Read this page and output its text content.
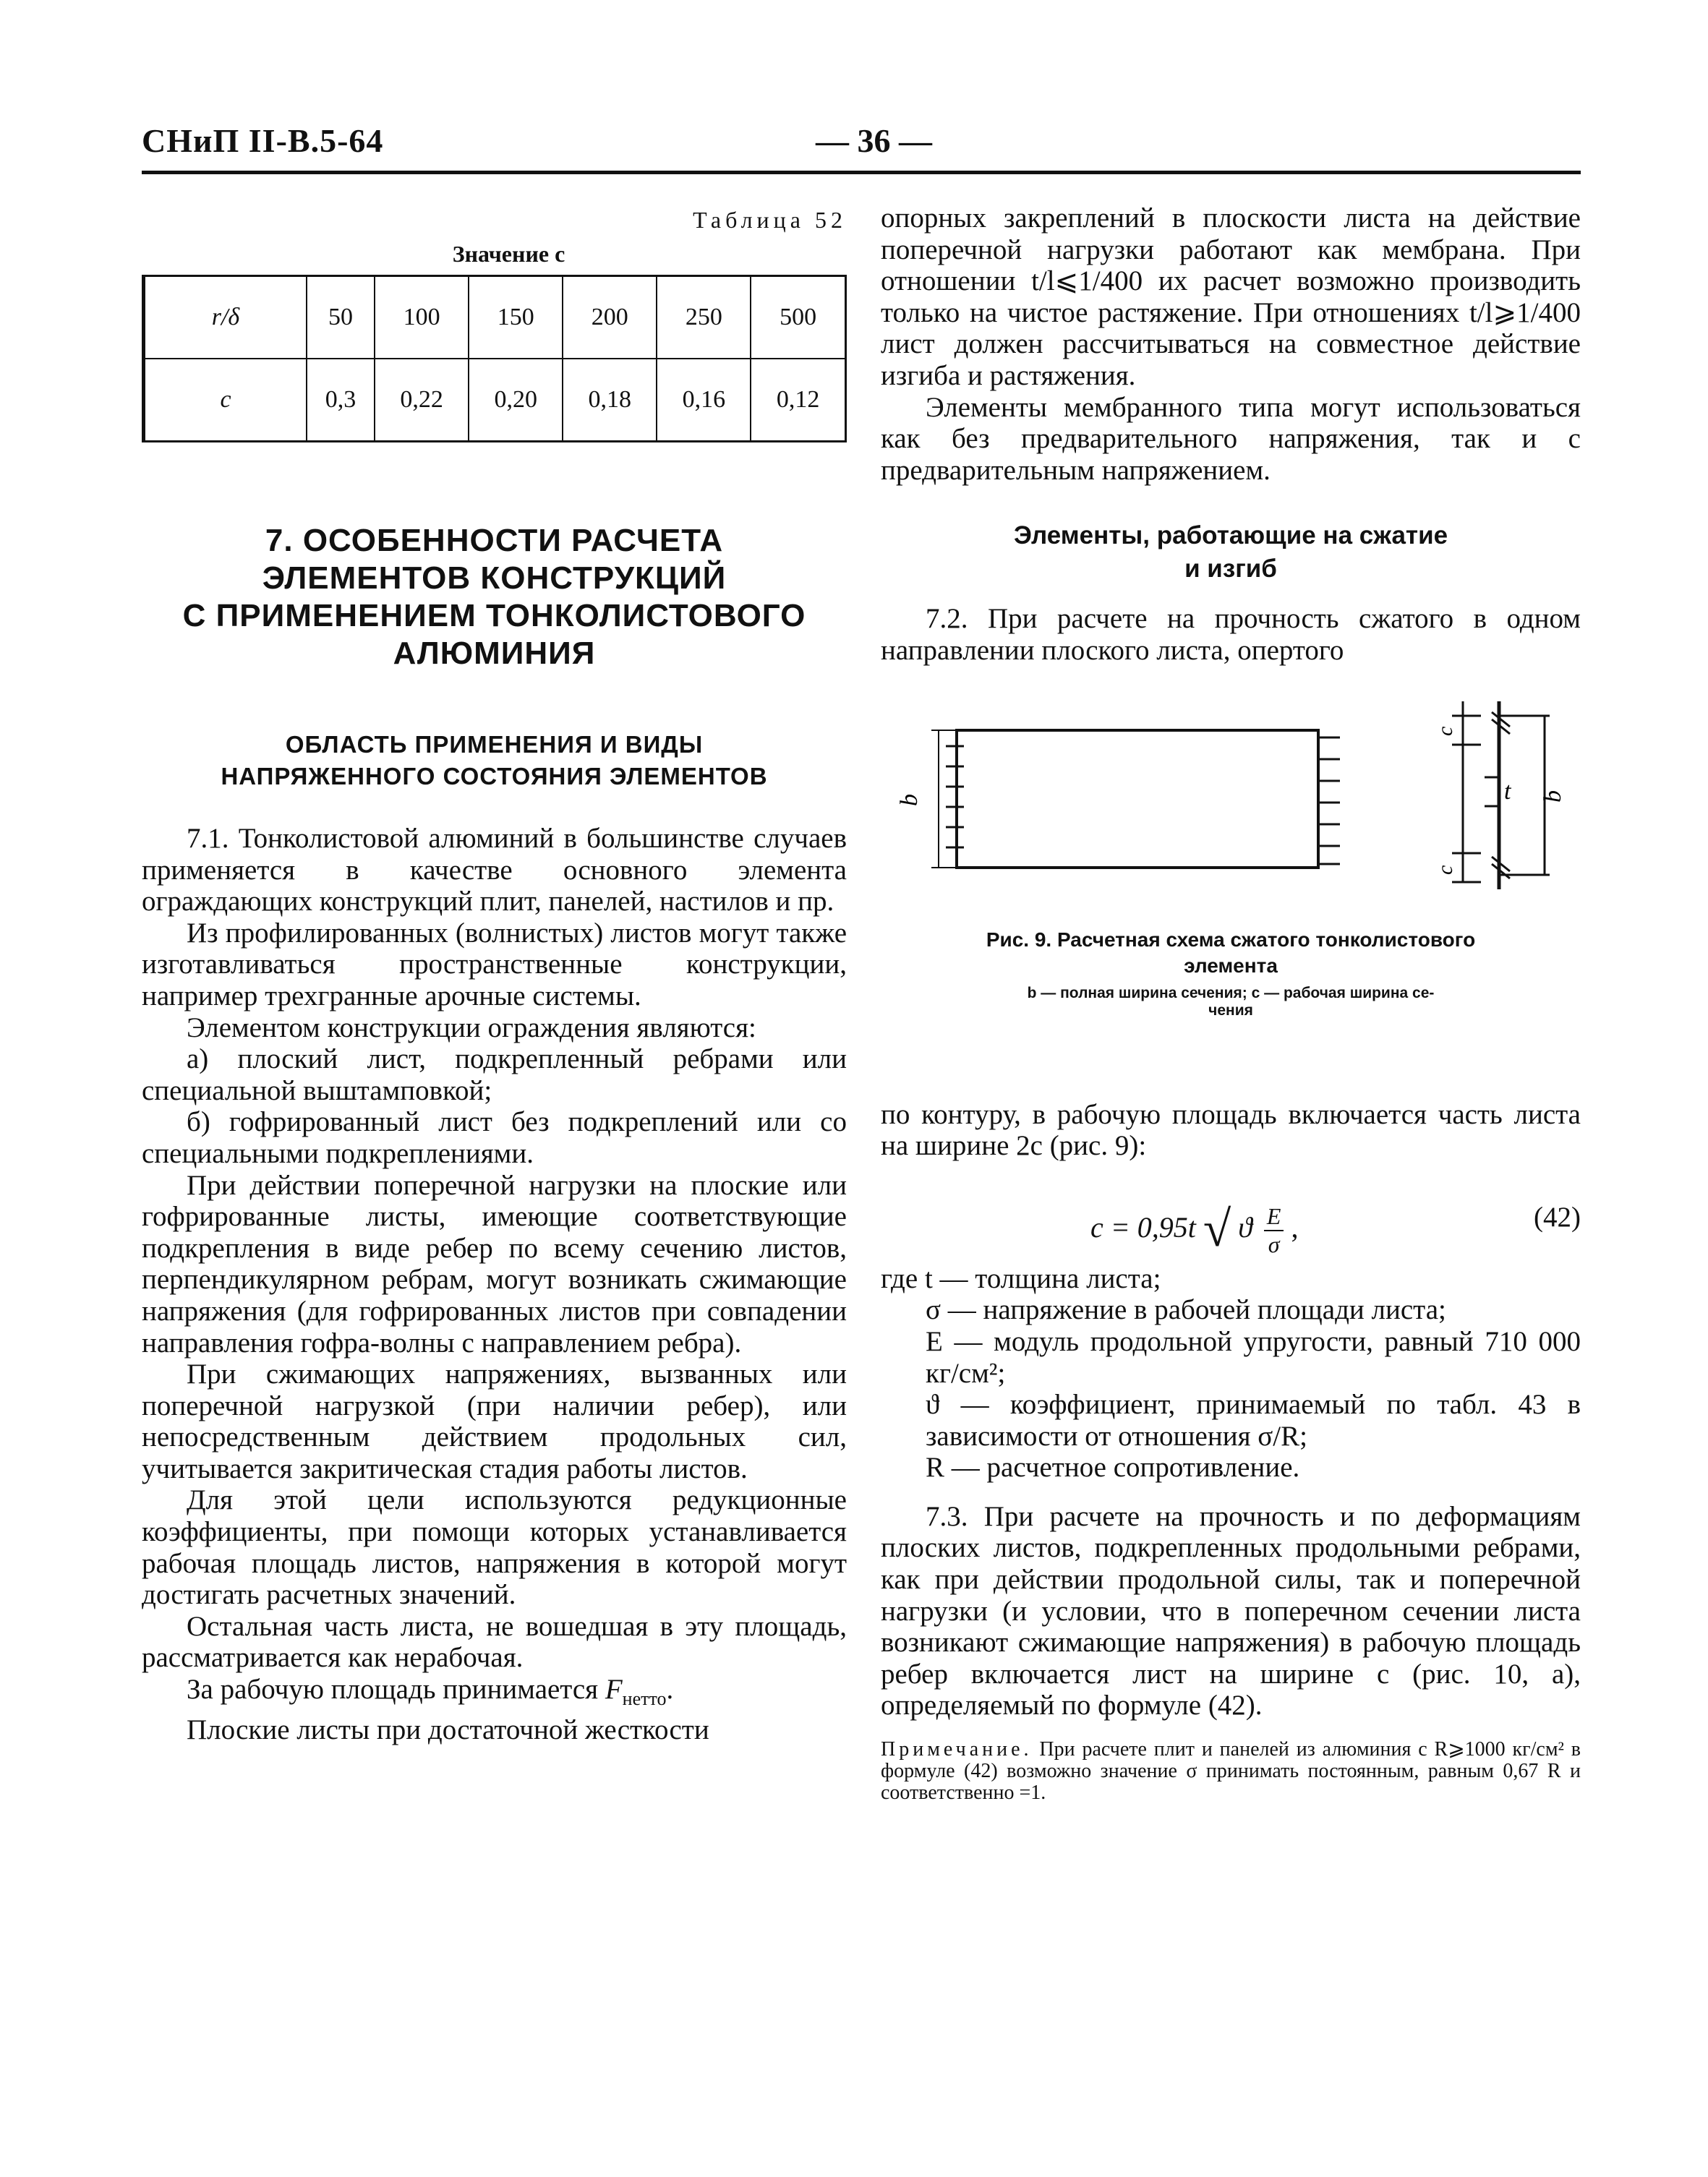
СНиП II-В.5-64	— 36 —
Таблица 52
Значение c
r/δ	50	100	150	200	250	500
c	0,3	0,22	0,20	0,18	0,16	0,12
7. ОСОБЕННОСТИ РАСЧЕТА
ЭЛЕМЕНТОВ КОНСТРУКЦИЙ
С ПРИМЕНЕНИЕМ ТОНКОЛИСТОВОГО
АЛЮМИНИЯ
ОБЛАСТЬ ПРИМЕНЕНИЯ И ВИДЫ
НАПРЯЖЕННОГО СОСТОЯНИЯ ЭЛЕМЕНТОВ

7.1. Тонколистовой алюминий в большинстве случаев применяется в качестве основного элемента ограждающих конструкций плит, панелей, настилов и пр.

Из профилированных (волнистых) листов могут также изготавливаться пространственные конструкции, например трехгранные арочные системы.

Элементом конструкции ограждения являются:

а) плоский лист, подкрепленный ребрами или специальной выштамповкой;

б) гофрированный лист без подкреплений или со специальными подкреплениями.

При действии поперечной нагрузки на плоские или гофрированные листы, имеющие соответствующие подкрепления в виде ребер по всему сечению листов, перпендикулярном ребрам, могут возникать сжимающие напряжения (для гофрированных листов при совпадении направления гофра-волны с направлением ребра).

При сжимающих напряжениях, вызванных или поперечной нагрузкой (при наличии ребер), или непосредственным действием продольных сил, учитывается закритическая стадия работы листов.

Для этой цели используются редукционные коэффициенты, при помощи которых устанавливается рабочая площадь листов, напряжения в которой могут достигать расчетных значений.

Остальная часть листа, не вошедшая в эту площадь, рассматривается как нерабочая.

За рабочую площадь принимается $F_{нетто}$.

Плоские листы при достаточной жесткости

опорных закреплений в плоскости листа на действие поперечной нагрузки работают как мембрана. При отношении t/l⩽1/400 их расчет возможно производить только на чистое растяжение. При отношениях t/l⩾1/400 лист должен рассчитываться на совместное действие изгиба и растяжения.

Элементы мембранного типа могут использоваться как без предварительного напряжения, так и с предварительным напряжением.

Элементы, работающие на сжатие
и изгиб

7.2. При расчете на прочность сжатого в одном направлении плоского листа, опертого

b
c
c
t b
Рис. 9. Расчетная схема сжатого тонколистового
элемента
b — полная ширина сечения; c — рабочая ширина се-
чения

по контуру, в рабочую площадь включается часть листа на ширине 2c (рис. 9):

c = 0,95t √ ϑ $\frac{E}{\sigma}$ ,	(42)

где t — толщина листа;

σ — напряжение в рабочей площади листа;

E — модуль продольной упругости, равный 710 000 кг/см²;

ϑ — коэффициент, принимаемый по табл. 43 в зависимости от отношения σ/R;

R — расчетное сопротивление.

7.3. При расчете на прочность и по деформациям плоских листов, подкрепленных продольными ребрами, как при действии продольной силы, так и поперечной нагрузки (и условии, что в поперечном сечении листа возникают сжимающие напряжения) в рабочую площадь ребер включается лист на ширине c (рис. 10, а), определяемый по формуле (42).

Примечание. При расчете плит и панелей из алюминия с R⩾1000 кг/см² в формуле (42) возможно значение σ принимать постоянным, равным 0,67 R и соответственно =1.
